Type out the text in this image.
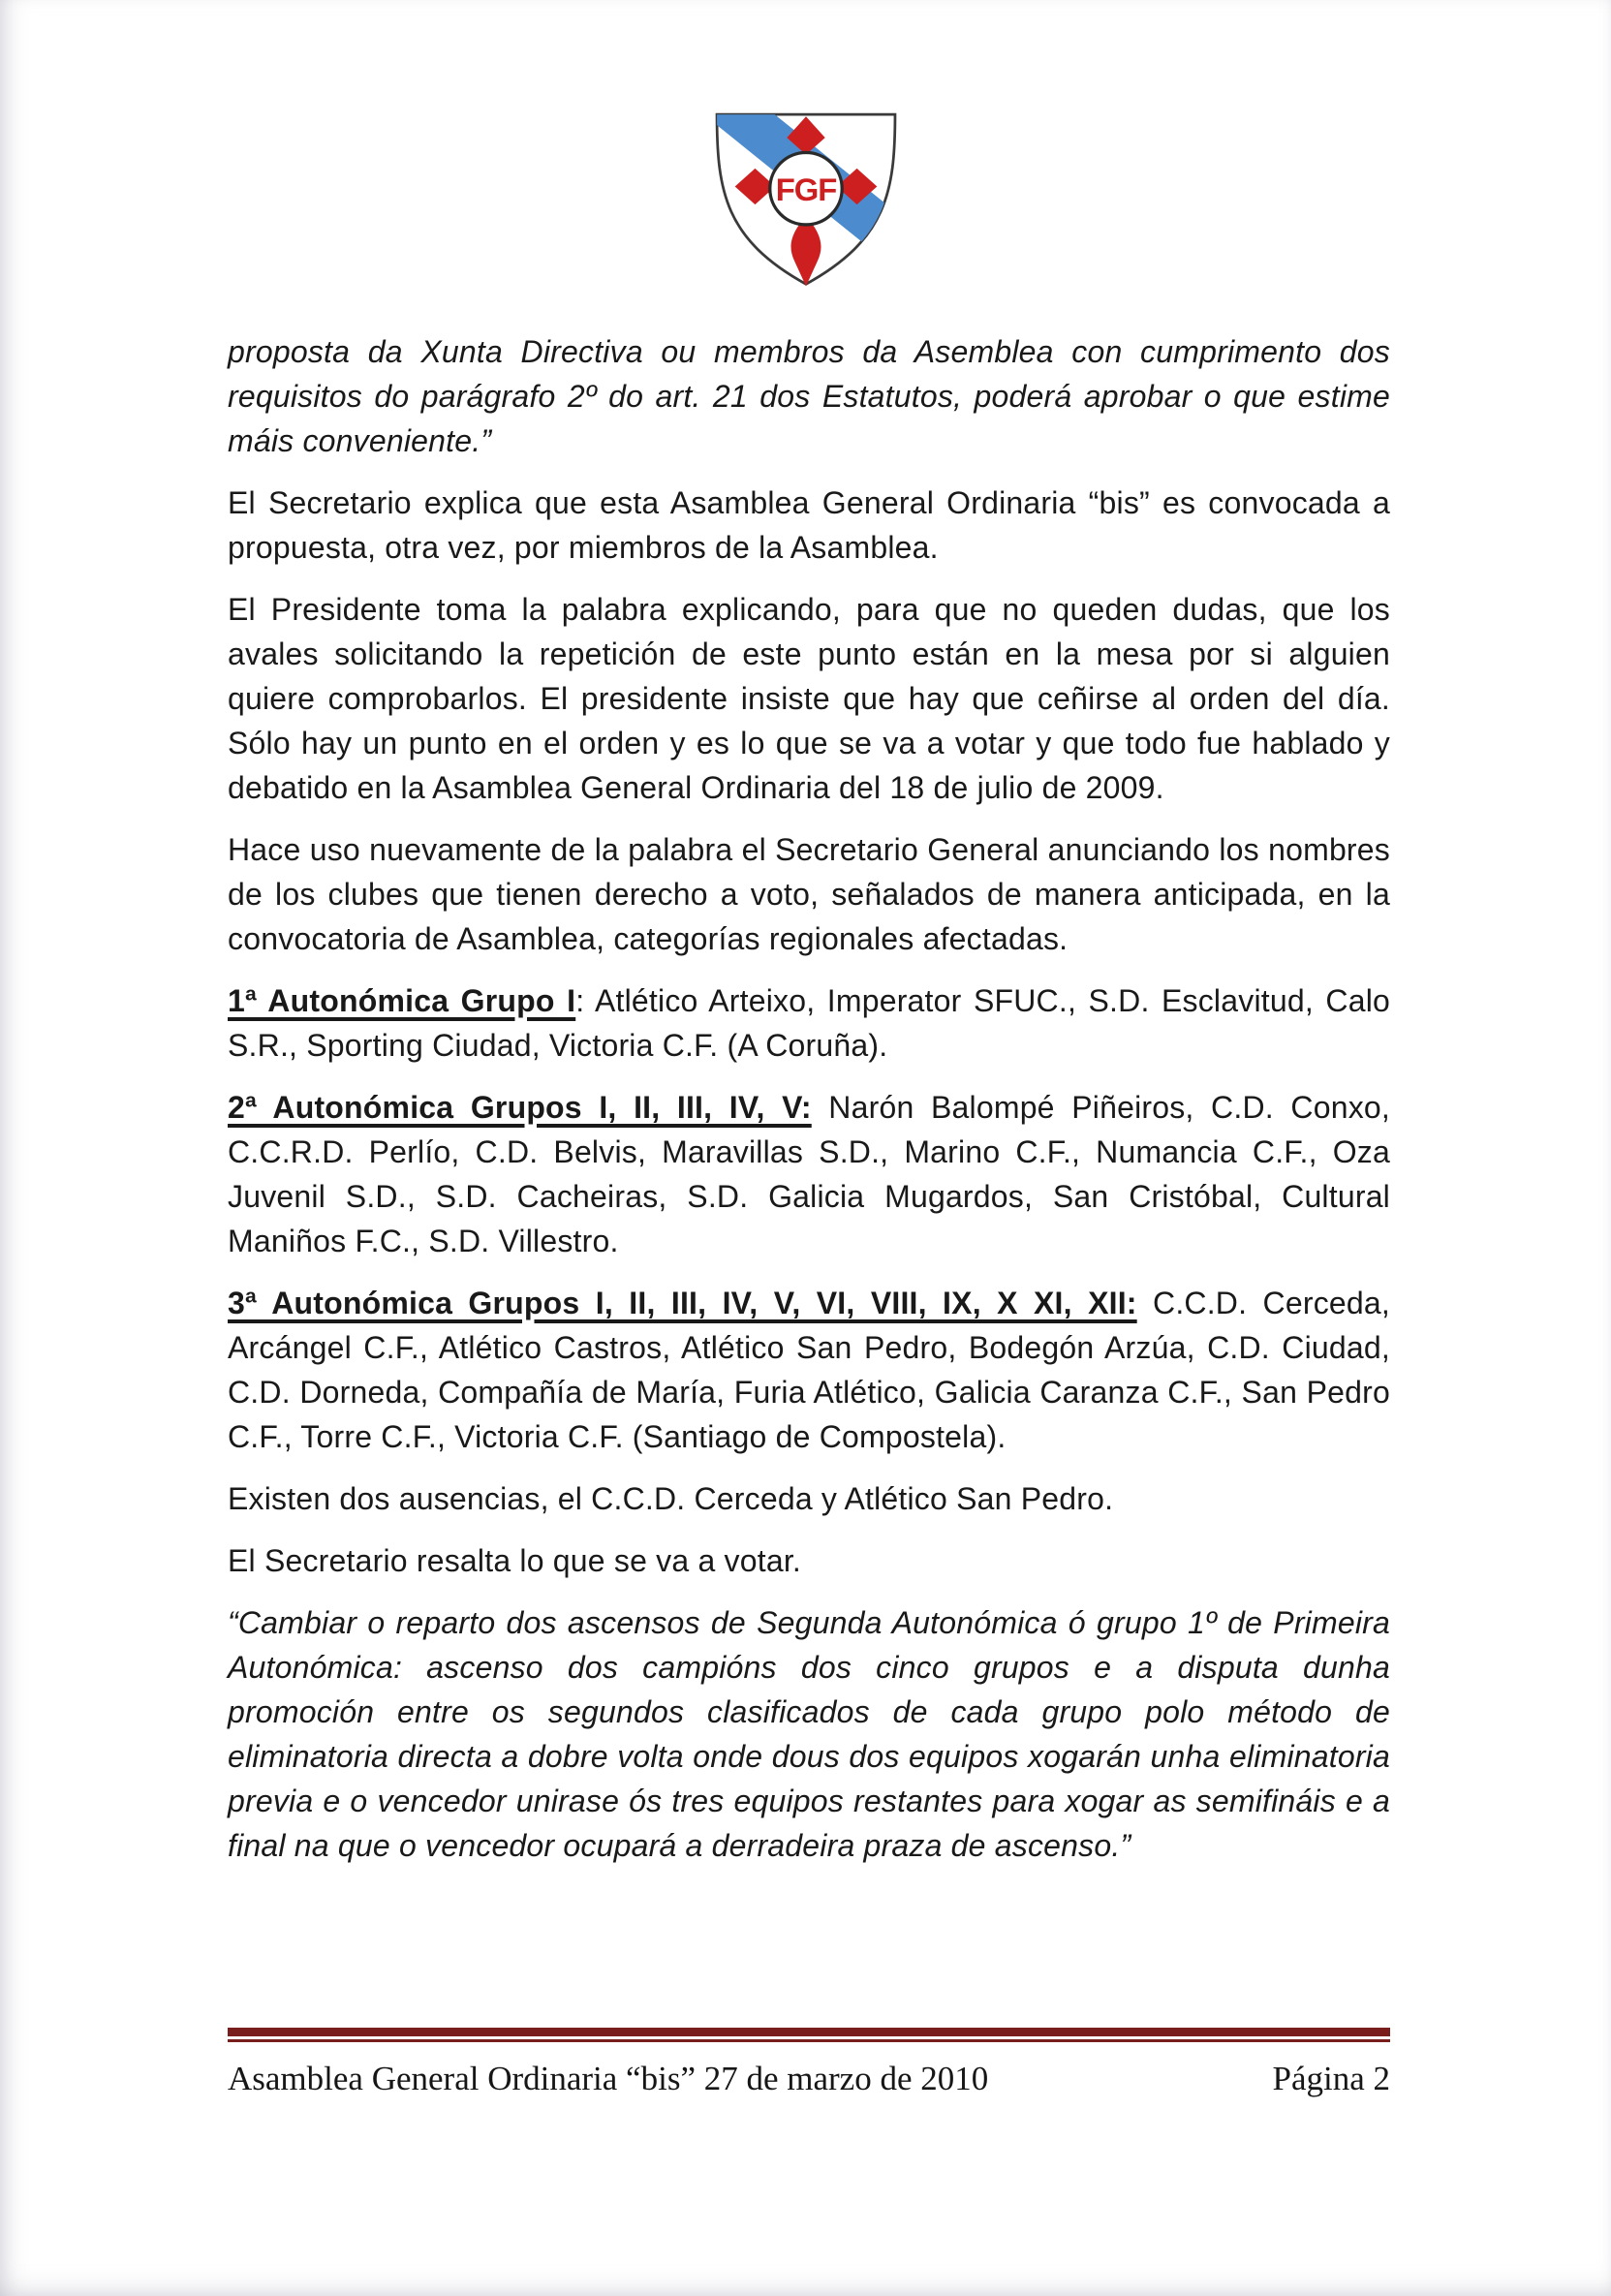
FGF

proposta da Xunta Directiva ou membros da Asemblea con cumprimento dos requisitos do parágrafo 2º do art. 21 dos Estatutos, poderá aprobar o que estime máis conveniente.”

El Secretario explica que esta Asamblea General Ordinaria “bis” es convocada a propuesta, otra vez, por miembros de la Asamblea.

El Presidente toma la palabra explicando, para que no queden dudas, que los avales solicitando la repetición de este punto están en la mesa por si alguien quiere comprobarlos. El presidente insiste que hay que ceñirse al orden del día. Sólo hay un punto en el orden y es lo que se va a votar y que todo fue hablado y debatido en la Asamblea General Ordinaria del 18 de julio de 2009.

Hace uso nuevamente de la palabra el Secretario General anunciando los nombres de los clubes que tienen derecho a voto, señalados de manera anticipada, en la convocatoria de Asamblea, categorías regionales afectadas.

1ª Autonómica Grupo I: Atlético Arteixo, Imperator SFUC., S.D. Esclavitud, Calo S.R., Sporting Ciudad, Victoria C.F. (A Coruña).

2ª Autonómica Grupos I, II, III, IV, V: Narón Balompé Piñeiros, C.D. Conxo, C.C.R.D. Perlío, C.D. Belvis, Maravillas S.D., Marino C.F., Numancia C.F., Oza Juvenil S.D., S.D. Cacheiras, S.D. Galicia Mugardos, San Cristóbal, Cultural Maniños F.C., S.D. Villestro.

3ª Autonómica Grupos I, II, III, IV, V, VI, VIII, IX, X XI, XII: C.C.D. Cerceda, Arcángel C.F., Atlético Castros, Atlético San Pedro, Bodegón Arzúa, C.D. Ciudad, C.D. Dorneda, Compañía de María, Furia Atlético, Galicia Caranza C.F., San Pedro C.F., Torre C.F., Victoria C.F. (Santiago de Compostela).

Existen dos ausencias, el C.C.D. Cerceda y Atlético San Pedro.

El Secretario resalta lo que se va a votar.

“Cambiar o reparto dos ascensos de Segunda Autonómica ó grupo 1º de Primeira Autonómica: ascenso dos campións dos cinco grupos e a disputa dunha promoción entre os segundos clasificados de cada grupo polo método de eliminatoria directa a dobre volta onde dous dos equipos xogarán unha eliminatoria previa e o vencedor unirase ós tres equipos restantes para xogar as semifináis e a final na que o vencedor ocupará a derradeira praza de ascenso.”

Asamblea General Ordinaria “bis” 27 de marzo de 2010	Página 2
